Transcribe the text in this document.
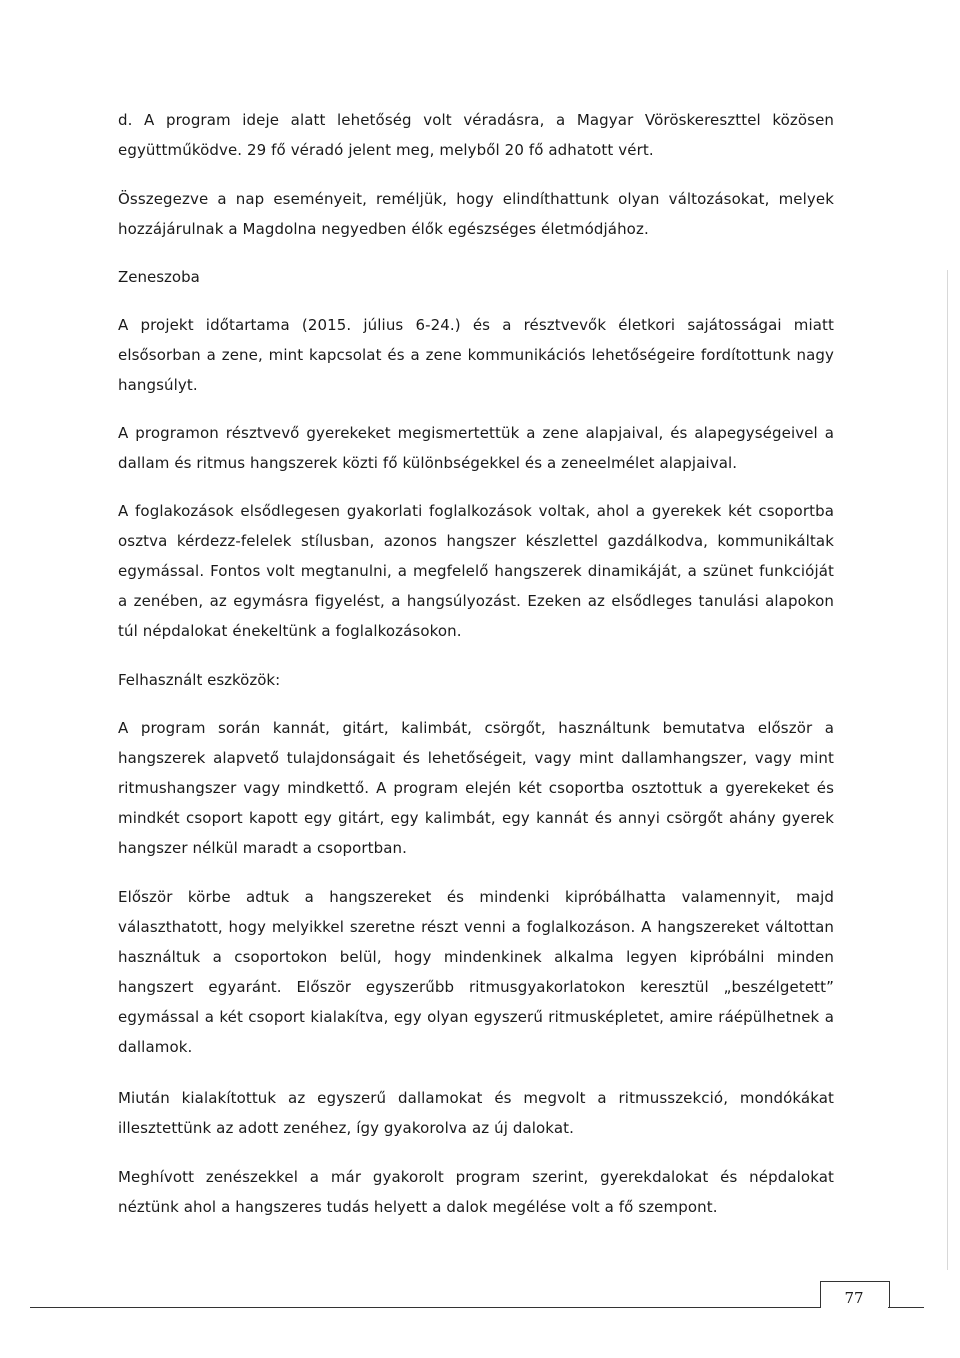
d. A program ideje alatt lehetőség volt véradásra, a Magyar Vöröskereszttel közösen együttműködve. 29 fő véradó jelent meg, melyből 20 fő adhatott vért.

Összegezve a nap eseményeit, reméljük, hogy elindíthattunk olyan változásokat, melyek hozzájárulnak a Magdolna negyedben élők egészséges életmódjához.

Zeneszoba

A projekt időtartama (2015. július 6-24.) és a résztvevők életkori sajátosságai miatt elsősorban a zene, mint kapcsolat és a zene kommunikációs lehetőségeire fordítottunk nagy hangsúlyt.

A programon résztvevő gyerekeket megismertettük a zene alapjaival, és alapegységeivel a dallam és ritmus hangszerek közti fő különbségekkel és a zeneelmélet alapjaival.

A foglakozások elsődlegesen gyakorlati foglalkozások voltak, ahol a gyerekek két csoportba osztva kérdezz-felelek stílusban, azonos hangszer készlettel gazdálkodva, kommunikáltak egymással. Fontos volt megtanulni, a megfelelő hangszerek dinamikáját, a szünet funkcióját a zenében, az egymásra figyelést, a hangsúlyozást. Ezeken az elsődleges tanulási alapokon túl népdalokat énekeltünk a foglalkozásokon.

Felhasznált eszközök:

A program során kannát, gitárt, kalimbát, csörgőt, használtunk bemutatva először a hangszerek alapvető tulajdonságait és lehetőségeit, vagy mint dallamhangszer, vagy mint ritmushangszer vagy mindkettő. A program elején két csoportba osztottuk a gyerekeket és mindkét csoport kapott egy gitárt, egy kalimbát, egy kannát és annyi csörgőt ahány gyerek hangszer nélkül maradt a csoportban.

Először körbe adtuk a hangszereket és mindenki kipróbálhatta valamennyit, majd választhatott, hogy melyikkel szeretne részt venni a foglalkozáson. A hangszereket váltottan használtuk a csoportokon belül, hogy mindenkinek alkalma legyen kipróbálni minden hangszert egyaránt. Először egyszerűbb ritmusgyakorlatokon keresztül „beszélgetett” egymással a két csoport kialakítva, egy olyan egyszerű ritmusképletet, amire ráépülhetnek a dallamok.

Miután kialakítottuk az egyszerű dallamokat és megvolt a ritmusszekció, mondókákat illesztettünk az adott zenéhez, így gyakorolva az új dalokat.

Meghívott zenészekkel a már gyakorolt program szerint, gyerekdalokat és népdalokat néztünk ahol a hangszeres tudás helyett a dalok megélése volt a fő szempont.

77
